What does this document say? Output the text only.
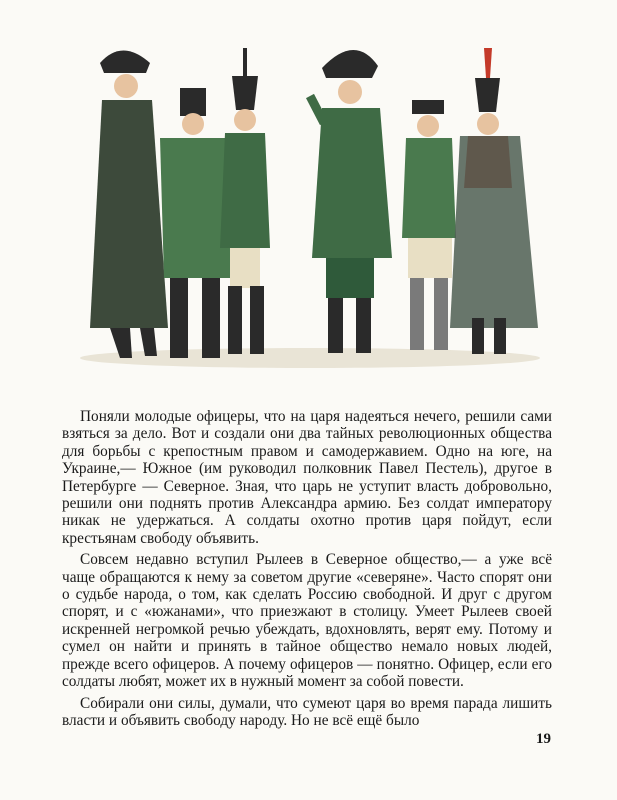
Поняли молодые офицеры, что на царя надеяться нечего, решили сами взяться за дело. Вот и создали они два тайных революционных общества для борьбы с крепостным правом и самодержавием. Одно на юге, на Украине,— Южное (им руководил полковник Павел Пестель), другое в Петербурге — Северное. Зная, что царь не уступит власть добровольно, решили они поднять против Александра армию. Без солдат императору никак не удержаться. А солдаты охотно против царя пойдут, если крестьянам свободу объявить.

Совсем недавно вступил Рылеев в Северное общество,— а уже всё чаще обращаются к нему за советом другие «северяне». Часто спорят они о судьбе народа, о том, как сделать Россию свободной. И друг с другом спорят, и с «южанами», что приезжают в столицу. Умеет Рылеев своей искренней негромкой речью убеждать, вдохновлять, верят ему. Потому и сумел он найти и принять в тайное общество немало новых людей, прежде всего офицеров. А почему офицеров — понятно. Офицер, если его солдаты любят, может их в нужный момент за собой повести.

Собирали они силы, думали, что сумеют царя во время парада лишить власти и объявить свободу народу. Но не всё ещё было

19
